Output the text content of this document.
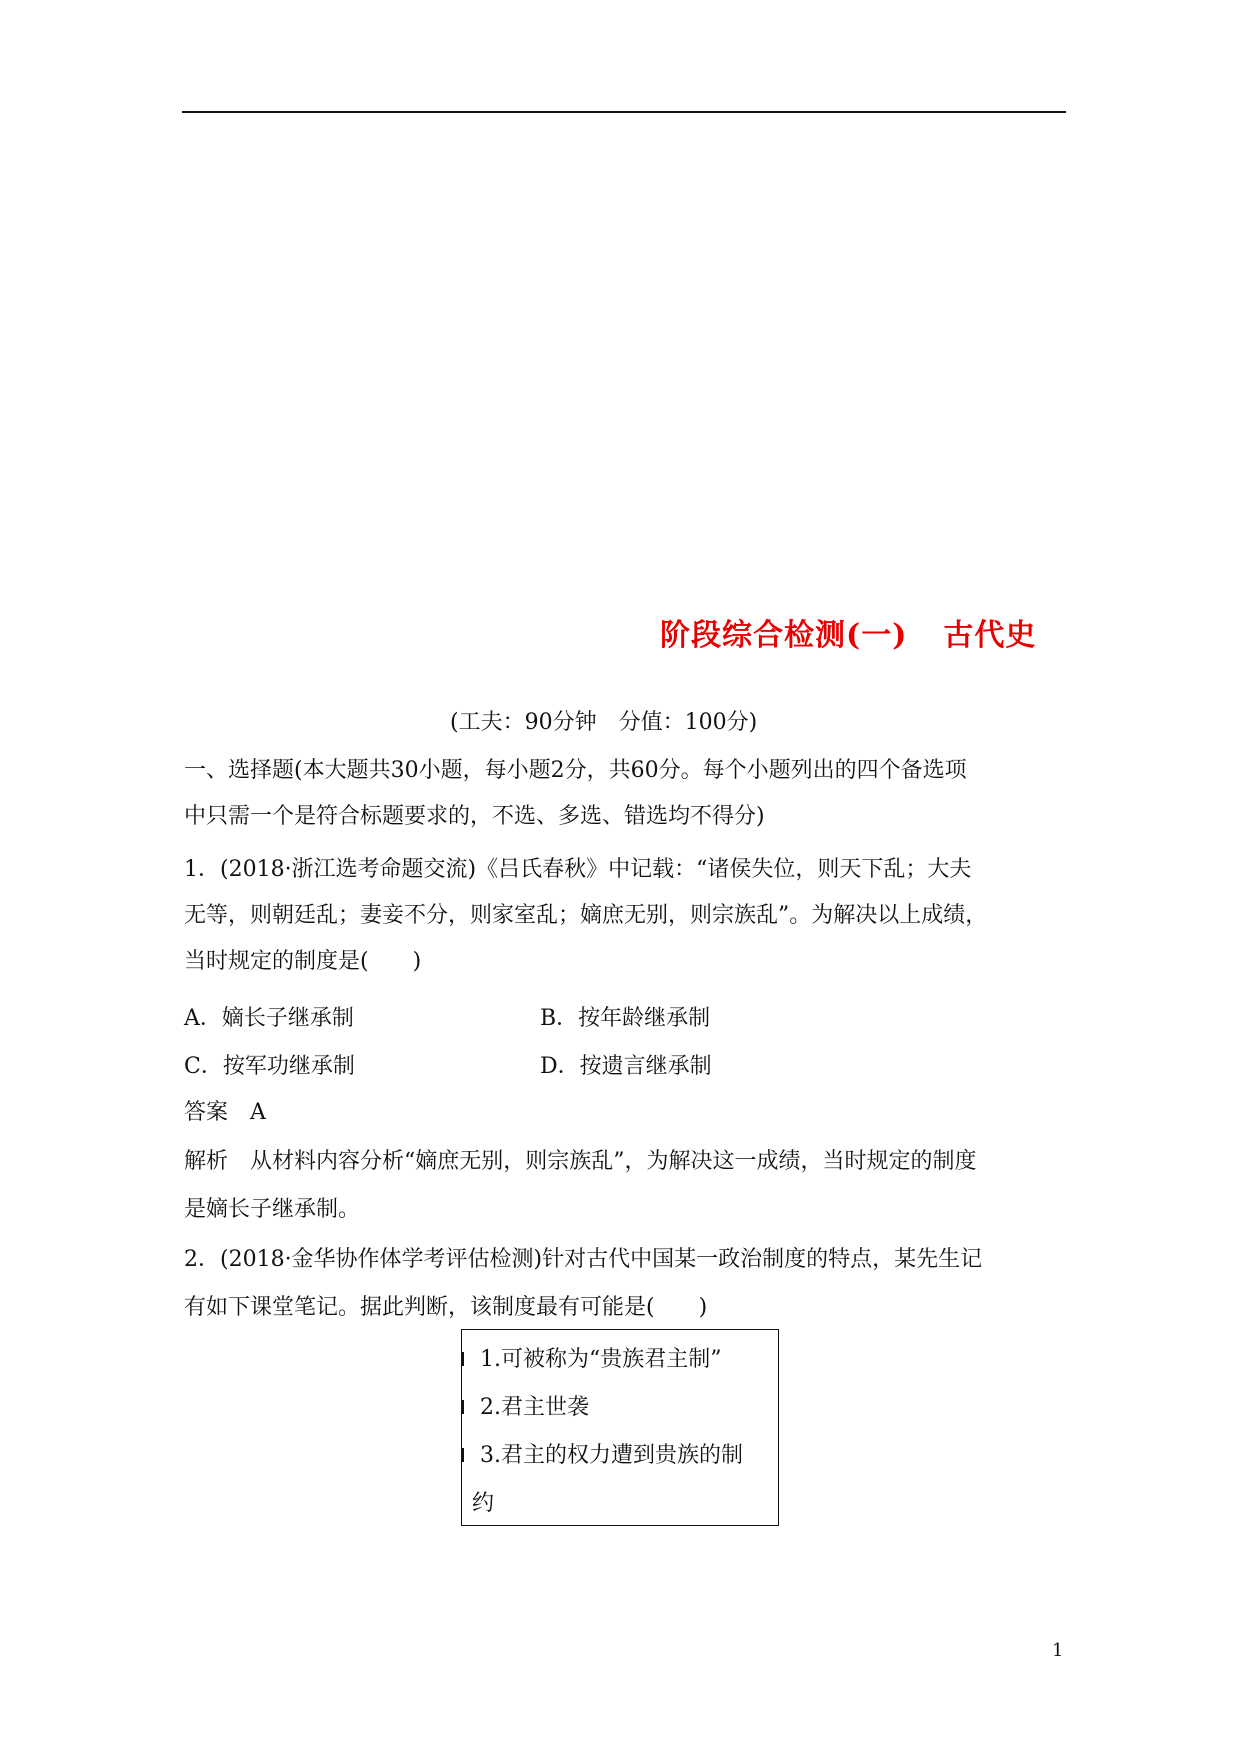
阶段综合检测(一) 古代史
(工夫：90分钟　分值：100分)
一、选择题(本大题共30小题，每小题2分，共60分。每个小题列出的四个备选项
中只需一个是符合标题要求的，不选、多选、错选均不得分)
1．(2018·浙江选考命题交流)《吕氏春秋》中记载：“诸侯失位，则天下乱；大夫
无等，则朝廷乱；妻妾不分，则家室乱；嫡庶无别，则宗族乱”。为解决以上成绩，
当时规定的制度是(　　)
A．嫡长子继承制	B．按年龄继承制
C．按军功继承制	D．按遗言继承制
答案　A
解析　从材料内容分析“嫡庶无别，则宗族乱”，为解决这一成绩，当时规定的制度
是嫡长子继承制。
2．(2018·金华协作体学考评估检测)针对古代中国某一政治制度的特点，某先生记
有如下课堂笔记。据此判断，该制度最有可能是(　　)
1.可被称为“贵族君主制”
2.君主世袭
3.君主的权力遭到贵族的制
约
1
